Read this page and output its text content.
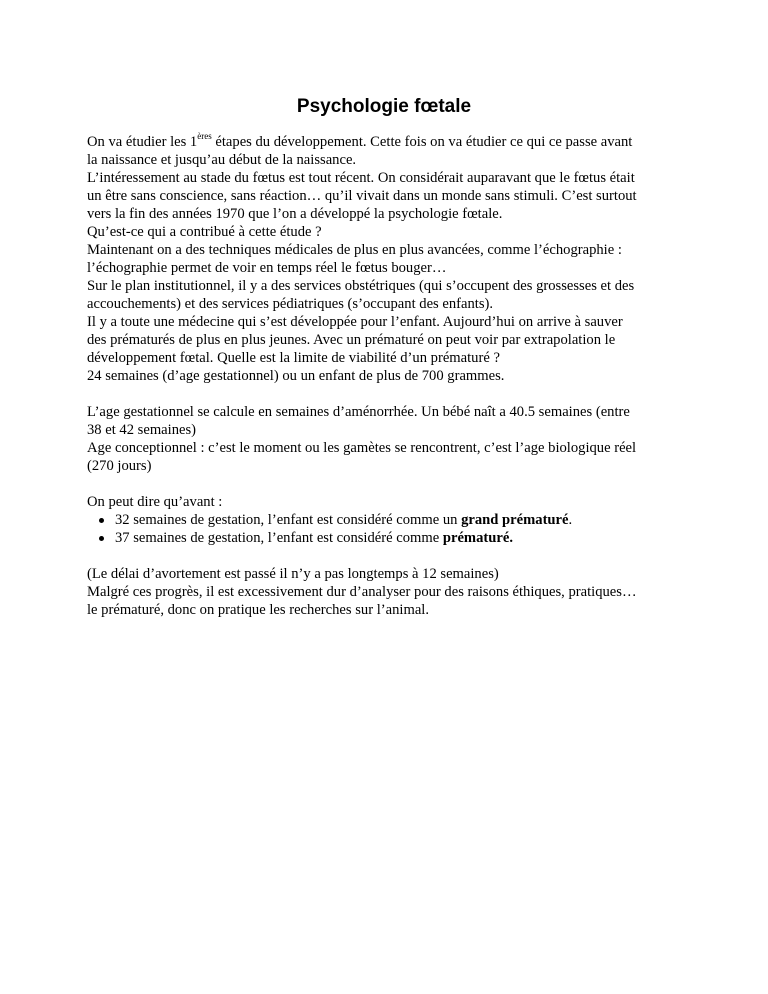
Psychologie fœtale
On va étudier les 1ères étapes du développement. Cette fois on va étudier ce qui ce passe avant
la naissance et jusqu’au début de la naissance.
L’intéressement au stade du fœtus est tout récent. On considérait auparavant que le fœtus était
un être sans conscience, sans réaction… qu’il vivait dans un monde sans stimuli. C’est surtout
vers la fin des années 1970 que l’on a développé la psychologie fœtale.
Qu’est-ce qui a contribué à cette étude ?
Maintenant on a des techniques médicales de plus en plus avancées, comme l’échographie :
l’échographie permet de voir en temps réel le fœtus bouger…
Sur le plan institutionnel, il y a des services obstétriques (qui s’occupent des grossesses et des
accouchements) et des services pédiatriques (s’occupant des enfants).
Il y a toute une médecine qui s’est développée pour l’enfant. Aujourd’hui on arrive à sauver
des prématurés de plus en plus jeunes. Avec un prématuré on peut voir par extrapolation le
développement fœtal. Quelle est la limite de viabilité d’un prématuré ?
24 semaines (d’age gestationnel) ou un enfant de plus de 700 grammes.
L’age gestationnel se calcule en semaines d’aménorrhée. Un bébé naît a 40.5 semaines (entre
38 et 42 semaines)
Age conceptionnel : c’est le moment ou les gamètes se rencontrent, c’est l’age biologique réel
(270 jours)
On peut dire qu’avant :
32 semaines de gestation, l’enfant est considéré comme un grand prématuré.
37 semaines de gestation, l’enfant est considéré comme prématuré.
(Le délai d’avortement est passé il n’y a pas longtemps à 12 semaines)
Malgré ces progrès, il est excessivement dur d’analyser pour des raisons éthiques, pratiques…
le prématuré, donc on pratique les recherches sur l’animal.
